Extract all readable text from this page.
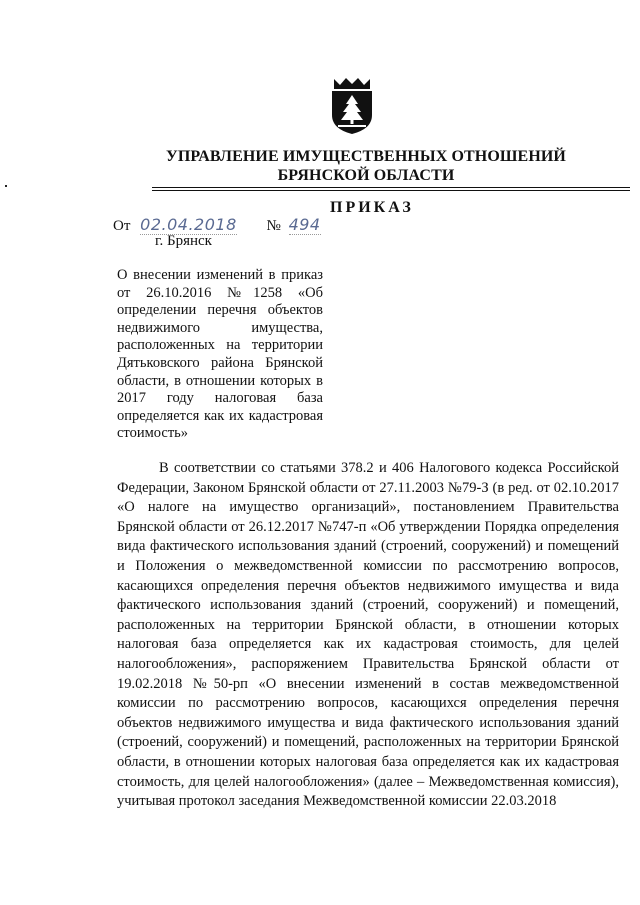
УПРАВЛЕНИЕ ИМУЩЕСТВЕННЫХ ОТНОШЕНИЙ
БРЯНСКОЙ ОБЛАСТИ
ПРИКАЗ
От 02.04.2018 № 494
г. Брянск
О внесении изменений в приказ от 26.10.2016 №1258 «Об определении перечня объектов недвижимого имущества, расположенных на территории Дятьковского района Брянской области, в отношении которых в 2017 году налоговая база определяется как их кадастровая стоимость»

В соответствии со статьями 378.2 и 406 Налогового кодекса Российской Федерации, Законом Брянской области от 27.11.2003 №79-З (в ред. от 02.10.2017 «О налоге на имущество организаций», постановлением Правительства Брянской области от 26.12.2017 №747-п «Об утверждении Порядка определения вида фактического использования зданий (строений, сооружений) и помещений и Положения о межведомственной комиссии по рассмотрению вопросов, касающихся определения перечня объектов недвижимого имущества и вида фактического использования зданий (строений, сооружений) и помещений, расположенных на территории Брянской области, в отношении которых налоговая база определяется как их кадастровая стоимость, для целей налогообложения», распоряжением Правительства Брянской области от 19.02.2018 №50-рп «О внесении изменений в состав межведомственной комиссии по рассмотрению вопросов, касающихся определения перечня объектов недвижимого имущества и вида фактического использования зданий (строений, сооружений) и помещений, расположенных на территории Брянской области, в отношении которых налоговая база определяется как их кадастровая стоимость, для целей налогообложения» (далее – Межведомственная комиссия), учитывая протокол заседания Межведомственной комиссии 22.03.2018
